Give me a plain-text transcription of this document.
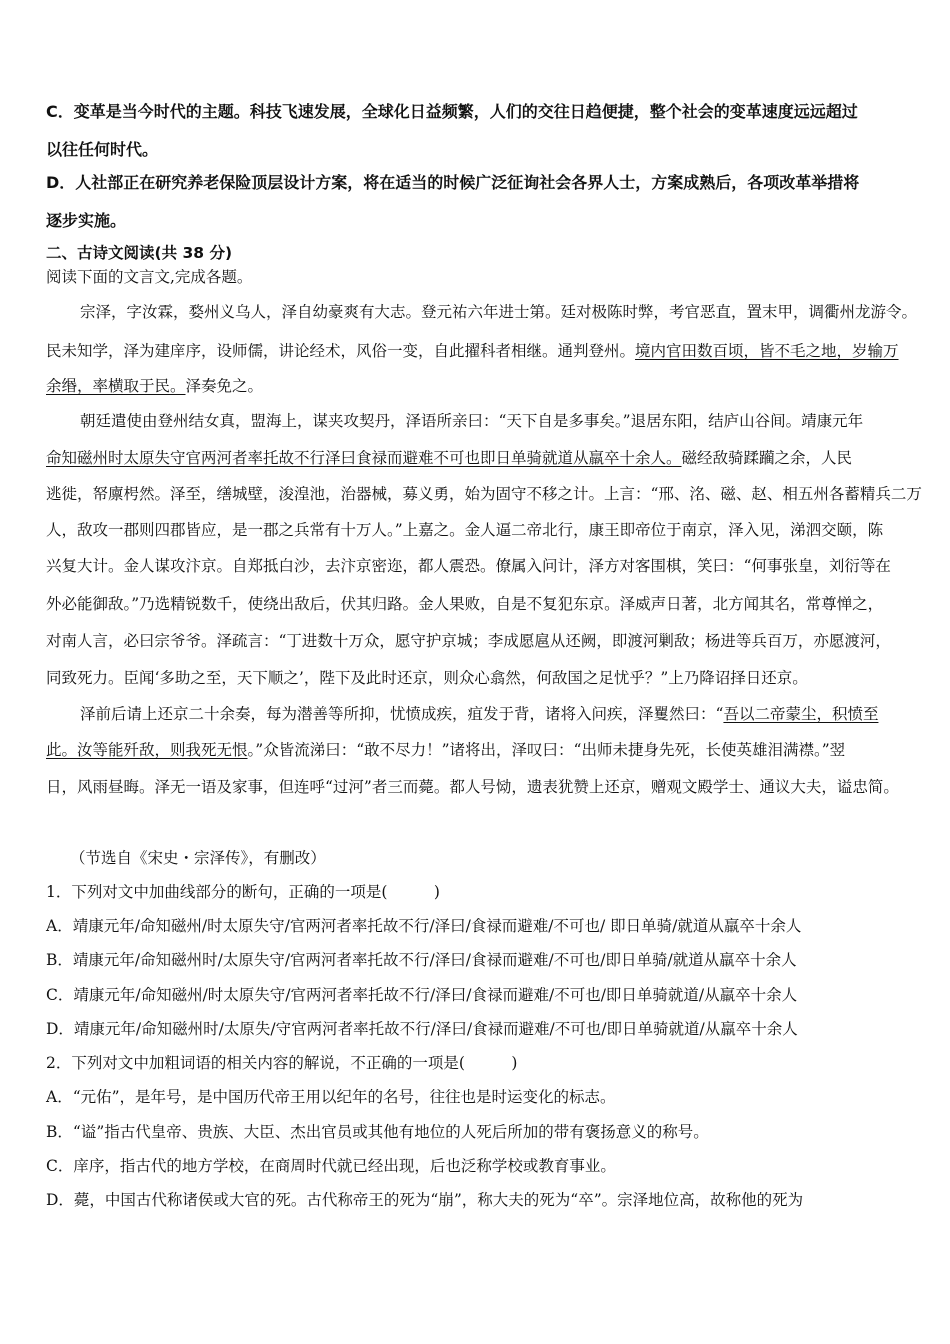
C．变革是当今时代的主题。科技飞速发展，全球化日益频繁，人们的交往日趋便捷，整个社会的变革速度远远超过
以往任何时代。
D．人社部正在研究养老保险顶层设计方案，将在适当的时候广泛征询社会各界人士，方案成熟后，各项改革举措将
逐步实施。
二、古诗文阅读(共 38 分)
阅读下面的文言文,完成各题。
宗泽，字汝霖，婺州义乌人，泽自幼豪爽有大志。登元祐六年进士第。廷对极陈时弊，考官恶直，置末甲，调衢州龙游令。
民未知学，泽为建庠序，设师儒，讲论经术，风俗一变，自此擢科者相继。通判登州。境内官田数百顷，皆不毛之地，岁输万
余缗，率横取于民。泽奏免之。
朝廷遣使由登州结女真，盟海上，谋夹攻契丹，泽语所亲曰：“天下自是多事矣。”退居东阳，结庐山谷间。靖康元年
命知磁州时太原失守官两河者率托故不行泽曰食禄而避难不可也即日单骑就道从羸卒十余人。磁经敌骑蹂躏之余，人民
逃徙，帑廪枵然。泽至，缮城壁，浚湟池，治器械，募义勇，始为固守不移之计。上言：“邢、洺、磁、赵、相五州各蓄精兵二万
人，敌攻一郡则四郡皆应，是一郡之兵常有十万人。”上嘉之。金人逼二帝北行，康王即帝位于南京，泽入见，涕泗交颐，陈
兴复大计。金人谋攻汴京。自郑抵白沙，去汴京密迩，都人震恐。僚属入问计，泽方对客围棋，笑曰：“何事张皇，刘衍等在
外必能御敌。”乃选精锐数千，使绕出敌后，伏其归路。金人果败，自是不复犯东京。泽威声日著，北方闻其名，常尊惮之，
对南人言，必曰宗爷爷。泽疏言：“丁进数十万众，愿守护京城；李成愿扈从还阙，即渡河剿敌；杨进等兵百万，亦愿渡河，
同致死力。臣闻‘多助之至，天下顺之’，陛下及此时还京，则众心翕然，何敌国之足忧乎？”上乃降诏择日还京。
泽前后请上还京二十余奏，每为潜善等所抑，忧愤成疾，疽发于背，诸将入问疾，泽矍然曰：“吾以二帝蒙尘，积愤至
此。汝等能歼敌，则我死无恨。”众皆流涕曰：“敢不尽力！”诸将出，泽叹曰：“出师未捷身先死，长使英雄泪满襟。”翌
日，风雨昼晦。泽无一语及家事，但连呼“过河”者三而薨。都人号恸，遗表犹赞上还京，赠观文殿学士、通议大夫，谥忠简。
（节选自《宋史・宗泽传》，有删改）
1．下列对文中加曲线部分的断句，正确的一项是(　　　)
A．靖康元年/命知磁州/时太原失守/官两河者率托故不行/泽曰/食禄而避难/不可也/ 即日单骑/就道从羸卒十余人
B．靖康元年/命知磁州时/太原失守/官两河者率托故不行/泽曰/食禄而避难/不可也/即日单骑/就道从羸卒十余人
C．靖康元年/命知磁州/时太原失守/官两河者率托故不行/泽曰/食禄而避难/不可也/即日单骑就道/从羸卒十余人
D．靖康元年/命知磁州时/太原失/守官两河者率托故不行/泽曰/食禄而避难/不可也/即日单骑就道/从羸卒十余人
2．下列对文中加粗词语的相关内容的解说，不正确的一项是(　　　)
A．“元佑”，是年号，是中国历代帝王用以纪年的名号，往往也是时运变化的标志。
B．“谥”指古代皇帝、贵族、大臣、杰出官员或其他有地位的人死后所加的带有褒扬意义的称号。
C．庠序，指古代的地方学校，在商周时代就已经出现，后也泛称学校或教育事业。
D．薨，中国古代称诸侯或大官的死。古代称帝王的死为“崩”，称大夫的死为“卒”。宗泽地位高，故称他的死为
